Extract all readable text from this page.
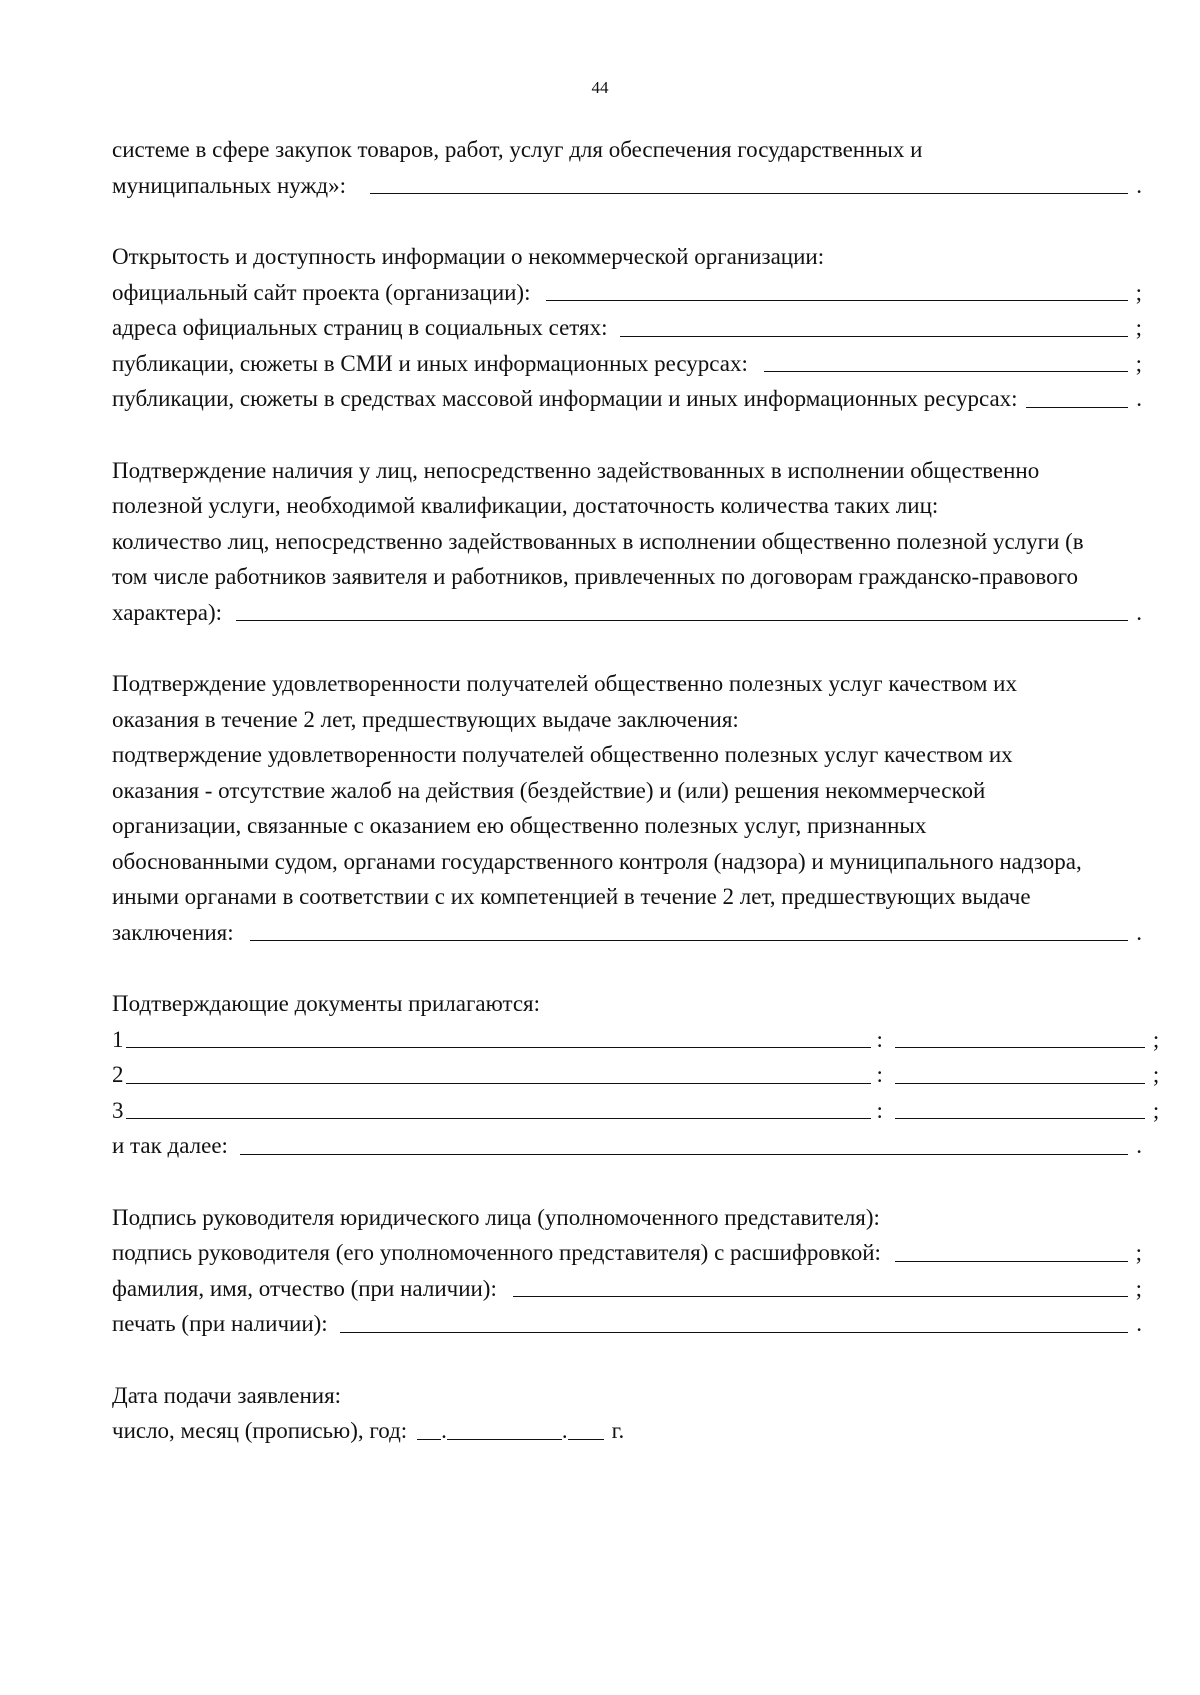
44
системе в сфере закупок товаров, работ, услуг для обеспечения государственных и
муниципальных нужд»:	.
Открытость и доступность информации о некоммерческой организации:
официальный сайт проекта (организации):	;
адреса официальных страниц в социальных сетях:	;
публикации, сюжеты в СМИ и иных информационных ресурсах:	;
публикации, сюжеты в средствах массовой информации и иных информационных ресурсах:	.
Подтверждение наличия у лиц, непосредственно задействованных в исполнении общественно
полезной услуги, необходимой квалификации, достаточность количества таких лиц:
количество лиц, непосредственно задействованных в исполнении общественно полезной услуги (в
том числе работников заявителя и работников, привлеченных по договорам гражданско-правового
характера):	.
Подтверждение удовлетворенности получателей общественно полезных услуг качеством их
оказания в течение 2 лет, предшествующих выдаче заключения:
подтверждение удовлетворенности получателей общественно полезных услуг качеством их
оказания - отсутствие жалоб на действия (бездействие) и (или) решения некоммерческой
организации, связанные с оказанием ею общественно полезных услуг, признанных
обоснованными судом, органами государственного контроля (надзора) и муниципального надзора,
иными органами в соответствии с их компетенцией в течение 2 лет, предшествующих выдаче
заключения:	.
Подтверждающие документы прилагаются:
1	:	;
2	:	;
3	:	;
и так далее:	.
Подпись руководителя юридического лица (уполномоченного представителя):
подпись руководителя (его уполномоченного представителя) с расшифровкой:	;
фамилия, имя, отчество (при наличии):	;
печать (при наличии):	.
Дата подачи заявления:
число, месяц (прописью), год: .	. г.
